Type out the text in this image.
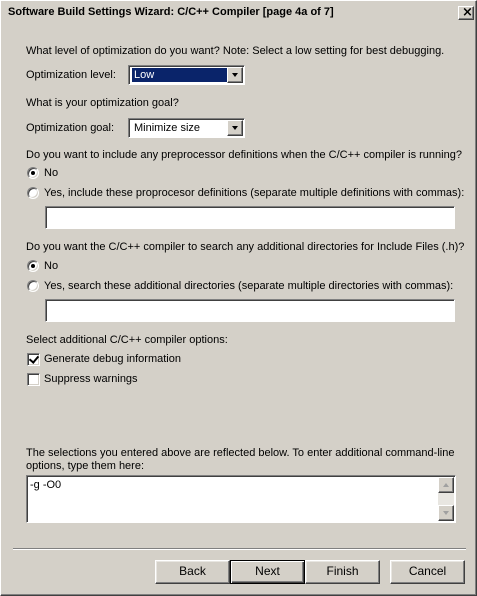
Software Build Settings Wizard: C/C++ Compiler [page 4a of 7]	×
What level of optimization do you want? Note: Select a low setting for best debugging.
Optimization level: Low
What is your optimization goal?
Optimization goal: Minimize size
Do you want to include any preprocessor definitions when the C/C++ compiler is running?
No
Yes, include these proprocesor definitions (separate multiple definitions with commas):
Do you want the C/C++ compiler to search any additional directories for Include Files (.h)?
No
Yes, search these additional directories (separate multiple directories with commas):
Select additional C/C++ compiler options:
Generate debug information
Suppress warnings
The selections you entered above are reflected below. To enter additional command-line
options, type them here:
-g -O0
Back	Next	Finish	Cancel
